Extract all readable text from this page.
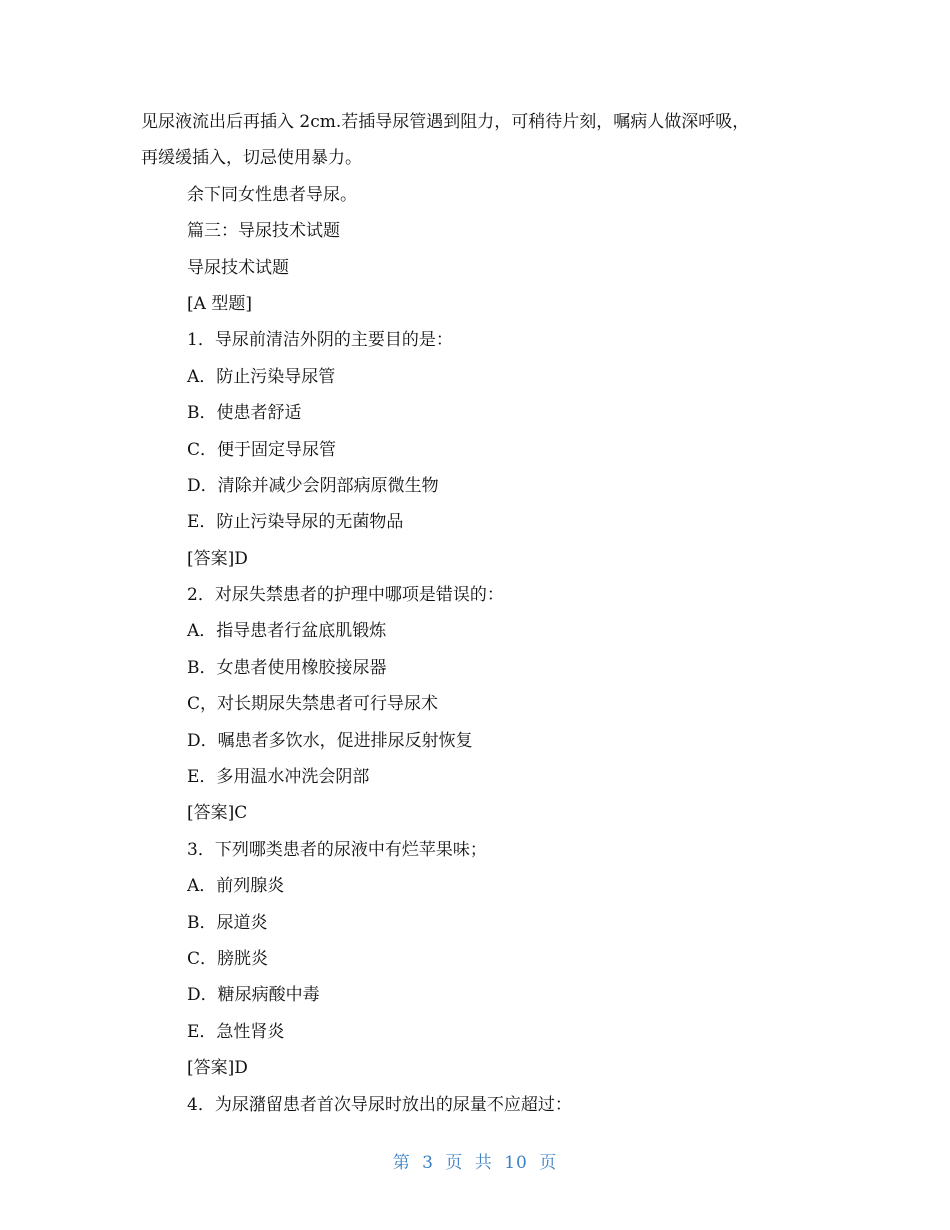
见尿液流出后再插入 2cm.若插导尿管遇到阻力，可稍待片刻，嘱病人做深呼吸，
再缓缓插入，切忌使用暴力。
余下同女性患者导尿。
篇三：导尿技术试题
导尿技术试题
[A 型题]
1．导尿前清洁外阴的主要目的是：
A．防止污染导尿管
B．使患者舒适
C．便于固定导尿管
D．清除并减少会阴部病原微生物
E．防止污染导尿的无菌物品
[答案]D
2．对尿失禁患者的护理中哪项是错误的：
A．指导患者行盆底肌锻炼
B．女患者使用橡胶接尿器
C，对长期尿失禁患者可行导尿术
D．嘱患者多饮水，促进排尿反射恢复
E．多用温水冲洗会阴部
[答案]C
3．下列哪类患者的尿液中有烂苹果味；
A．前列腺炎
B．尿道炎
C．膀胱炎
D．糖尿病酸中毒
E．急性肾炎
[答案]D
4．为尿潴留患者首次导尿时放出的尿量不应超过：
第 3 页 共 10 页
